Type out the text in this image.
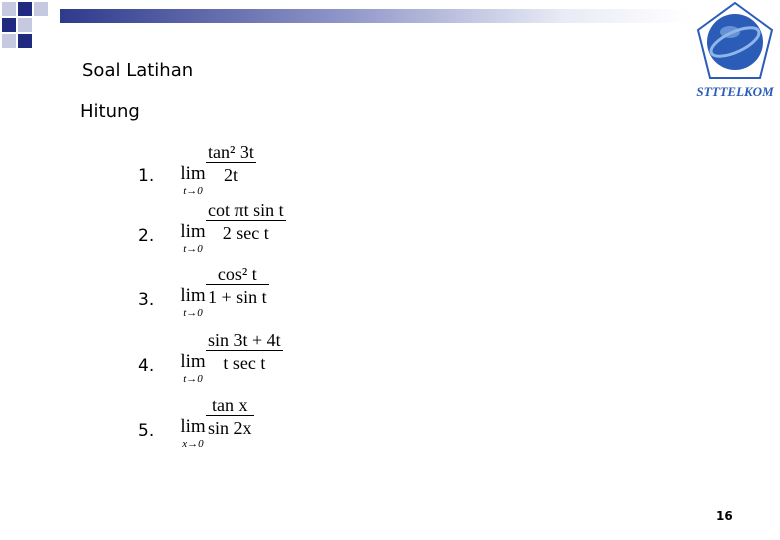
STTTELKOM
Soal Latihan
Hitung
1. lim
t→0
tan² 3t
2t
2. lim
t→0
cot πt sin t
2 sec t
3. lim
t→0
cos² t
1 + sin t
4. lim
t→0
sin 3t + 4t
t sec t
5. lim
x→0
tan x
sin 2x
16
